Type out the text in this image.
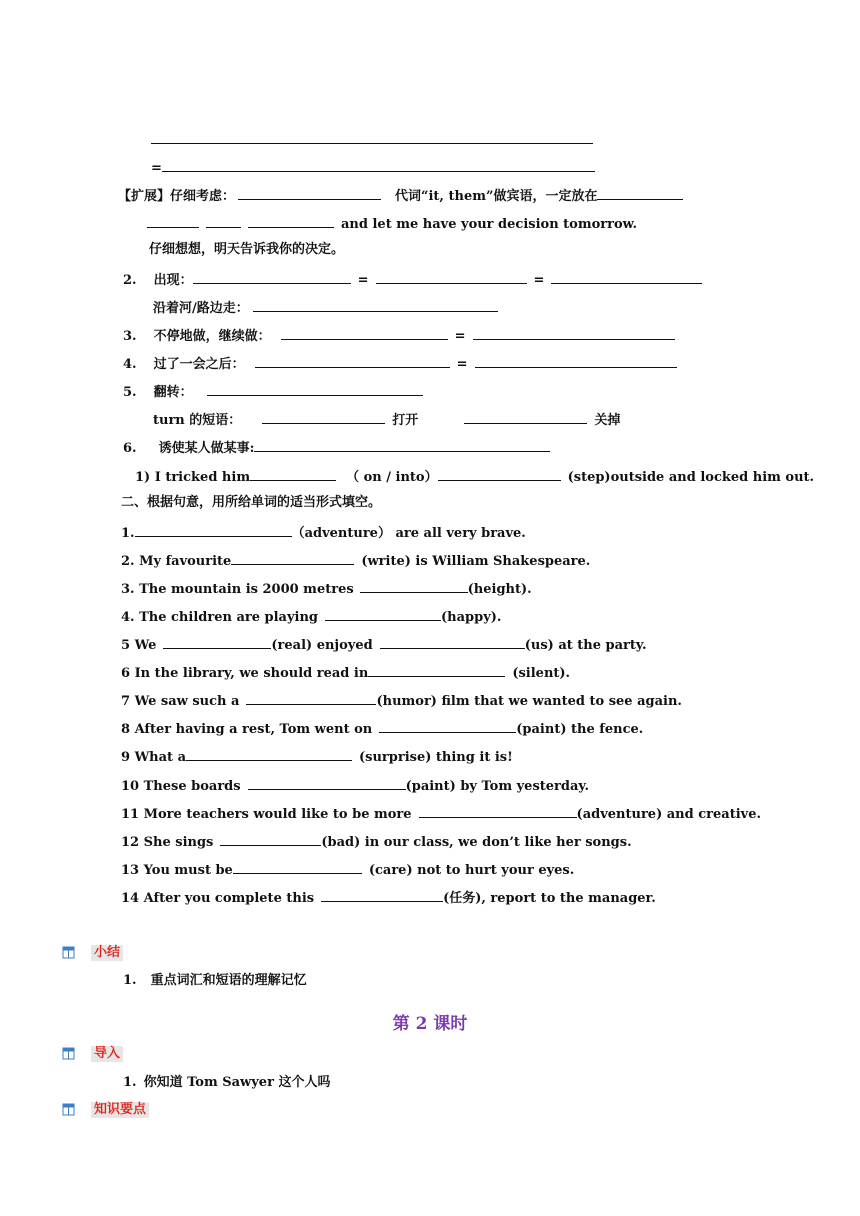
=
【扩展】仔细考虑：	代词“it, them”做宾语，一定放在
and let me have your decision tomorrow.
仔细想想，明天告诉我你的决定。
2. 出现：	=	=
沿着河/路边走：
3. 不停地做，继续做：	=
4. 过了一会之后：	=
5. 翻转：
turn 的短语：	打开	关掉
6. 诱使某人做某事:
1) I tricked him	（ on / into）	(step)outside and locked him out.
二、根据句意，用所给单词的适当形式填空。
1.	（adventure） are all very brave.
2. My favourite	(write) is William Shakespeare.
3. The mountain is 2000 metres	(height).
4. The children are playing	(happy).
5 We	(real) enjoyed	(us) at the party.
6 In the library, we should read in	(silent).
7 We saw such a	(humor) film that we wanted to see again.
8 After having a rest, Tom went on	(paint) the fence.
9 What a	(surprise) thing it is!
10 These boards	(paint) by Tom yesterday.
11 More teachers would like to be more	(adventure) and creative.
12 She sings	(bad) in our class, we don’t like her songs.
13 You must be	(care) not to hurt your eyes.
14 After you complete this	(任务), report to the manager.
小结
1. 重点词汇和短语的理解记忆
第 2 课时
导入
1. 你知道 Tom Sawyer 这个人吗
知识要点
